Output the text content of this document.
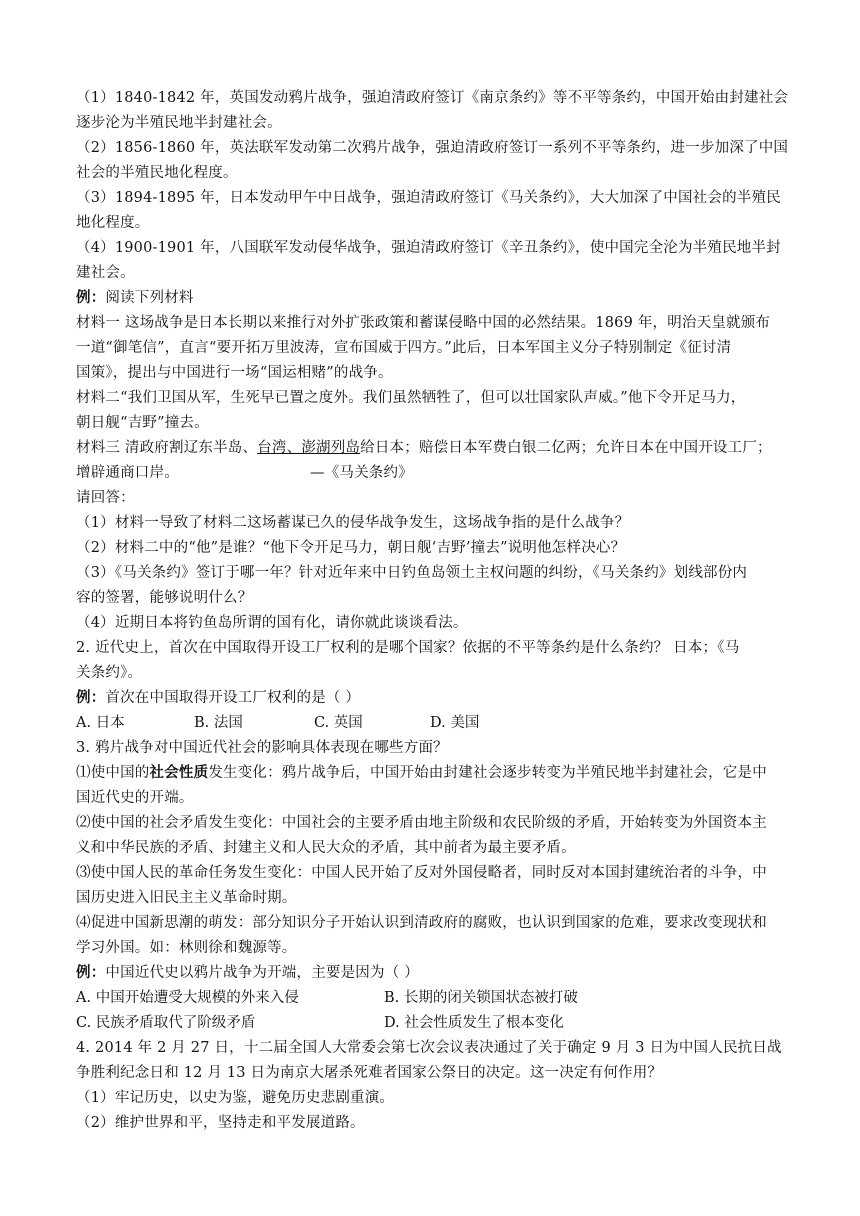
（1）1840-1842 年，英国发动鸦片战争，强迫清政府签订《南京条约》等不平等条约，中国开始由封建社会
逐步沦为半殖民地半封建社会。
（2）1856-1860 年，英法联军发动第二次鸦片战争，强迫清政府签订一系列不平等条约，进一步加深了中国
社会的半殖民地化程度。
（3）1894-1895 年，日本发动甲午中日战争，强迫清政府签订《马关条约》，大大加深了中国社会的半殖民
地化程度。
（4）1900-1901 年，八国联军发动侵华战争，强迫清政府签订《辛丑条约》，使中国完全沦为半殖民地半封
建社会。
例：阅读下列材料
材料一 这场战争是日本长期以来推行对外扩张政策和蓄谋侵略中国的必然结果。1869 年，明治天皇就颁布
一道“御笔信”，直言“要开拓万里波涛，宣布国威于四方。”此后，日本军国主义分子特别制定《征讨清
国策》，提出与中国进行一场“国运相赌”的战争。
材料二“我们卫国从军，生死早已置之度外。我们虽然牺牲了，但可以壮国家队声威。”他下令开足马力，
朝日舰“吉野”撞去。
材料三 清政府割辽东半岛、台湾、澎湖列岛给日本；赔偿日本军费白银二亿两；允许日本在中国开设工厂；
增辟通商口岸。	—《马关条约》
请回答：
（1）材料一导致了材料二这场蓄谋已久的侵华战争发生，这场战争指的是什么战争？
（2）材料二中的“他”是谁？“他下令开足马力，朝日舰‘吉野’撞去”说明他怎样决心？
（3）《马关条约》签订于哪一年？针对近年来中日钓鱼岛领土主权问题的纠纷，《马关条约》划线部份内
容的签署，能够说明什么？
（4）近期日本将钓鱼岛所谓的国有化，请你就此谈谈看法。
2. 近代史上，首次在中国取得开设工厂权利的是哪个国家？依据的不平等条约是什么条约？ 日本；《马
关条约》。
例：首次在中国取得开设工厂权利的是（ ）
A. 日本	B. 法国	C. 英国	D. 美国
3. 鸦片战争对中国近代社会的影响具体表现在哪些方面？
⑴使中国的社会性质发生变化：鸦片战争后，中国开始由封建社会逐步转变为半殖民地半封建社会，它是中
国近代史的开端。
⑵使中国的社会矛盾发生变化：中国社会的主要矛盾由地主阶级和农民阶级的矛盾，开始转变为外国资本主
义和中华民族的矛盾、封建主义和人民大众的矛盾，其中前者为最主要矛盾。
⑶使中国人民的革命任务发生变化：中国人民开始了反对外国侵略者，同时反对本国封建统治者的斗争，中
国历史进入旧民主主义革命时期。
⑷促进中国新思潮的萌发：部分知识分子开始认识到清政府的腐败，也认识到国家的危难，要求改变现状和
学习外国。如：林则徐和魏源等。
例：中国近代史以鸦片战争为开端，主要是因为（ ）
A. 中国开始遭受大规模的外来入侵	B. 长期的闭关锁国状态被打破
C. 民族矛盾取代了阶级矛盾	D. 社会性质发生了根本变化
4. 2014 年 2 月 27 日，十二届全国人大常委会第七次会议表决通过了关于确定 9 月 3 日为中国人民抗日战
争胜利纪念日和 12 月 13 日为南京大屠杀死难者国家公祭日的决定。这一决定有何作用？
（1）牢记历史，以史为鉴，避免历史悲剧重演。
（2）维护世界和平，坚持走和平发展道路。
